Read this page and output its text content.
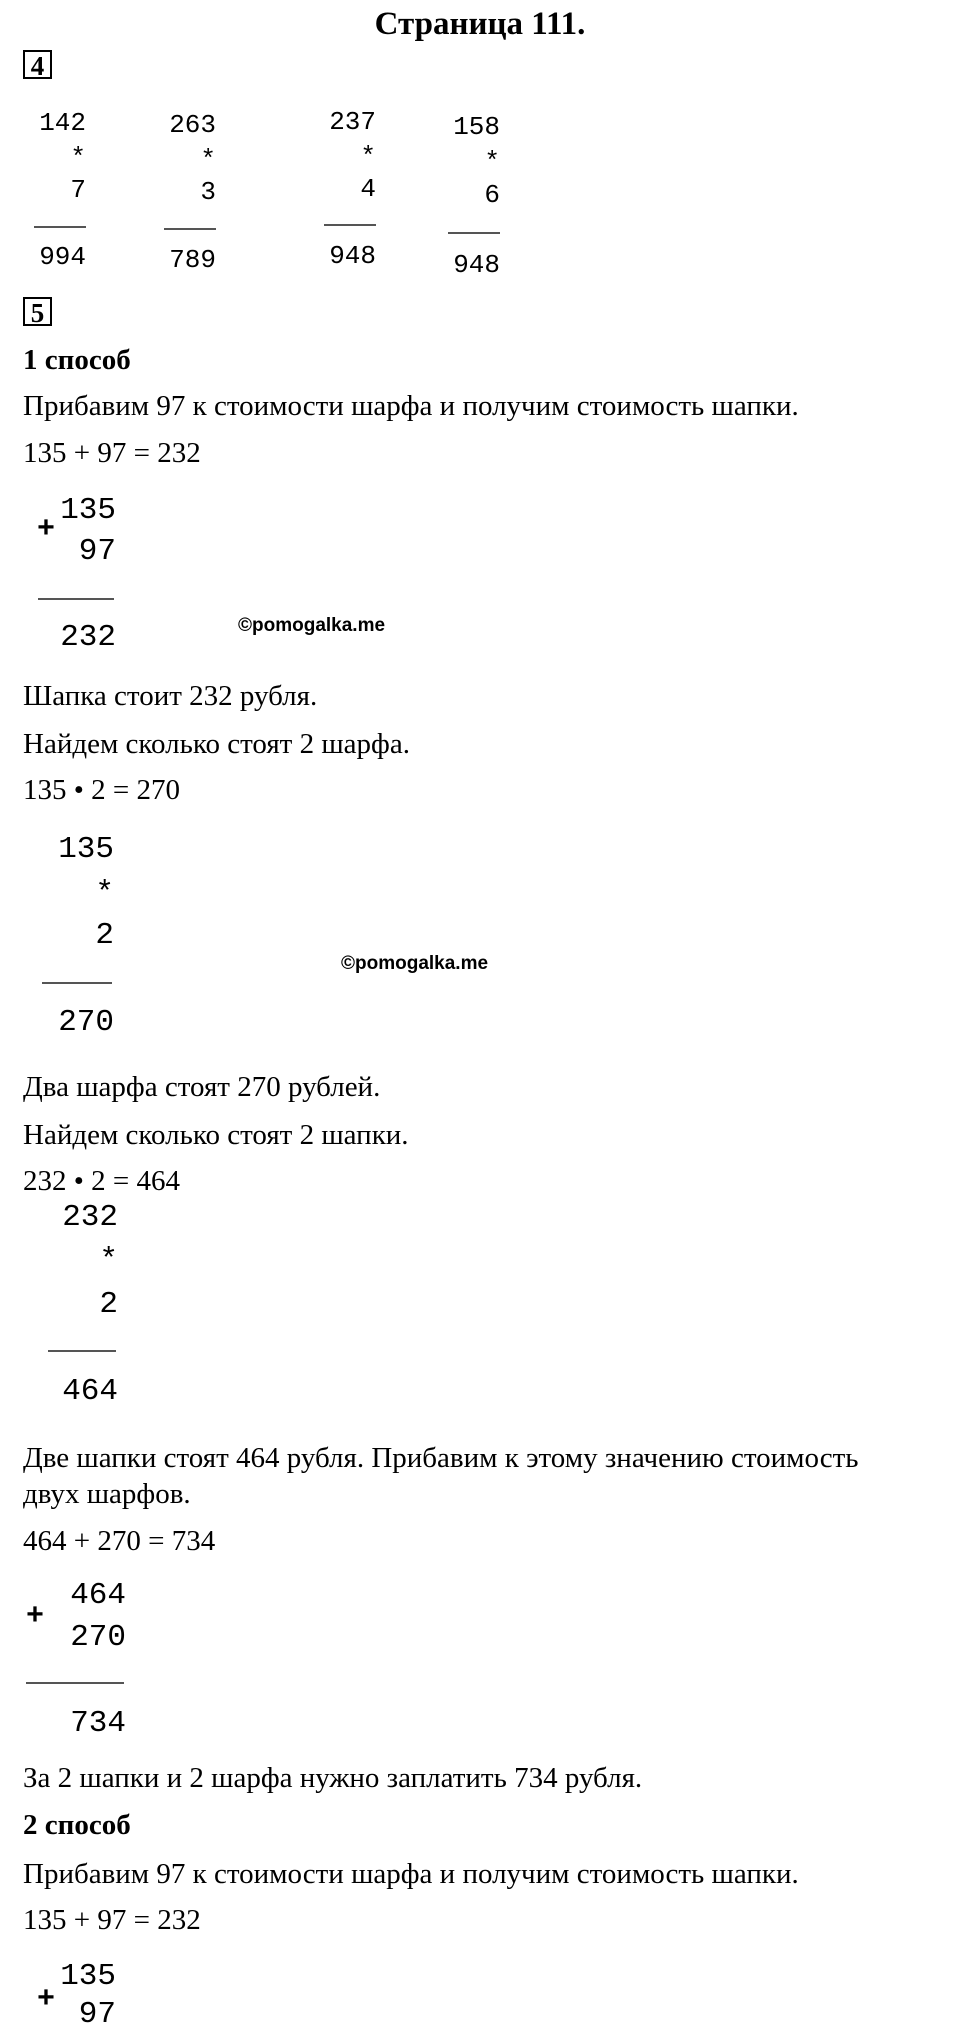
Страница 111.
4
142
*
7
994
263
*
3
789
237
*
4
948
158
*
6
948
5
1 способ
Прибавим 97 к стоимости шарфа и получим стоимость шапки.
135 + 97 = 232
+
135
97
232	©pomogalka.me
Шапка стоит 232 рубля.
Найдем сколько стоят 2 шарфа.
135 • 2 = 270
135
*
2
270
©pomogalka.me
Два шарфа стоят 270 рублей.
Найдем сколько стоят 2 шапки.
232 • 2 = 464
232
*
2
464
Две шапки стоят 464 рубля. Прибавим к этому значению стоимость
двух шарфов.
464 + 270 = 734
+
464
270
734
За 2 шапки и 2 шарфа нужно заплатить 734 рубля.
2 способ
Прибавим 97 к стоимости шарфа и получим стоимость шапки.
135 + 97 = 232
+
135
97
